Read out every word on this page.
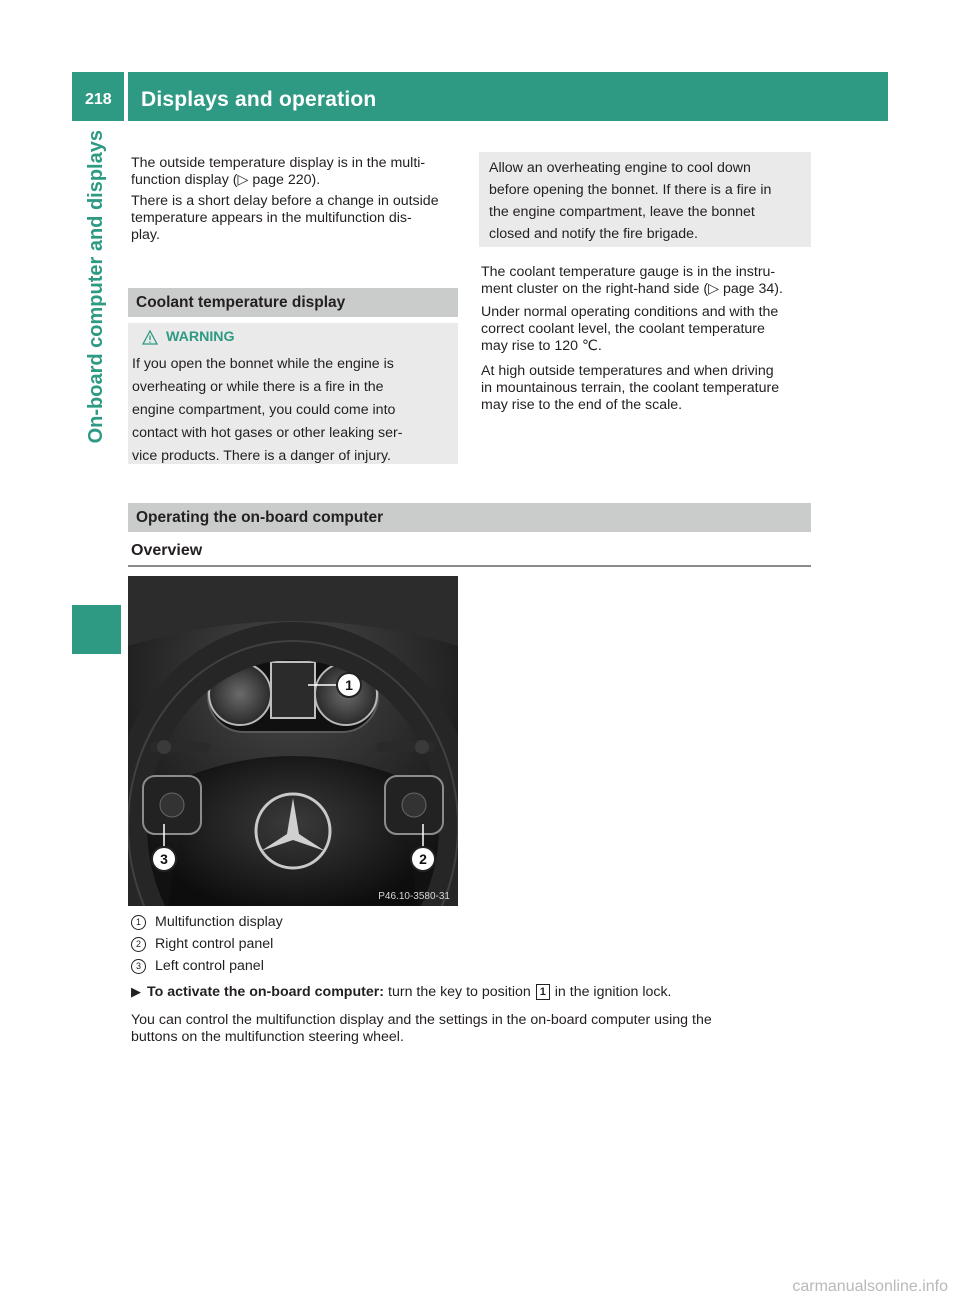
218 Displays and operation
On-board computer and displays The outside temperature display is in the multi-
function display (▷ page 220).
There is a short delay before a change in outside
temperature appears in the multifunction dis-
play.
Coolant temperature display
WARNING
If you open the bonnet while the engine is
overheating or while there is a fire in the
engine compartment, you could come into
contact with hot gases or other leaking ser-
vice products. There is a danger of injury.
Allow an overheating engine to cool down
before opening the bonnet. If there is a fire in
the engine compartment, leave the bonnet
closed and notify the fire brigade.
The coolant temperature gauge is in the instru-
ment cluster on the right-hand side (▷ page 34).
Under normal operating conditions and with the
correct coolant level, the coolant temperature
may rise to 120 ℃.
At high outside temperatures and when driving
in mountainous terrain, the coolant temperature
may rise to the end of the scale.
Operating the on-board computer
Overview
1
3	2
P46.10-3580-31
1 Multifunction display
2 Right control panel
3 Left control panel
▶ To activate the on-board computer: turn the key to position 1 in the ignition lock.
You can control the multifunction display and the settings in the on-board computer using the
buttons on the multifunction steering wheel.
carmanualsonline.info
